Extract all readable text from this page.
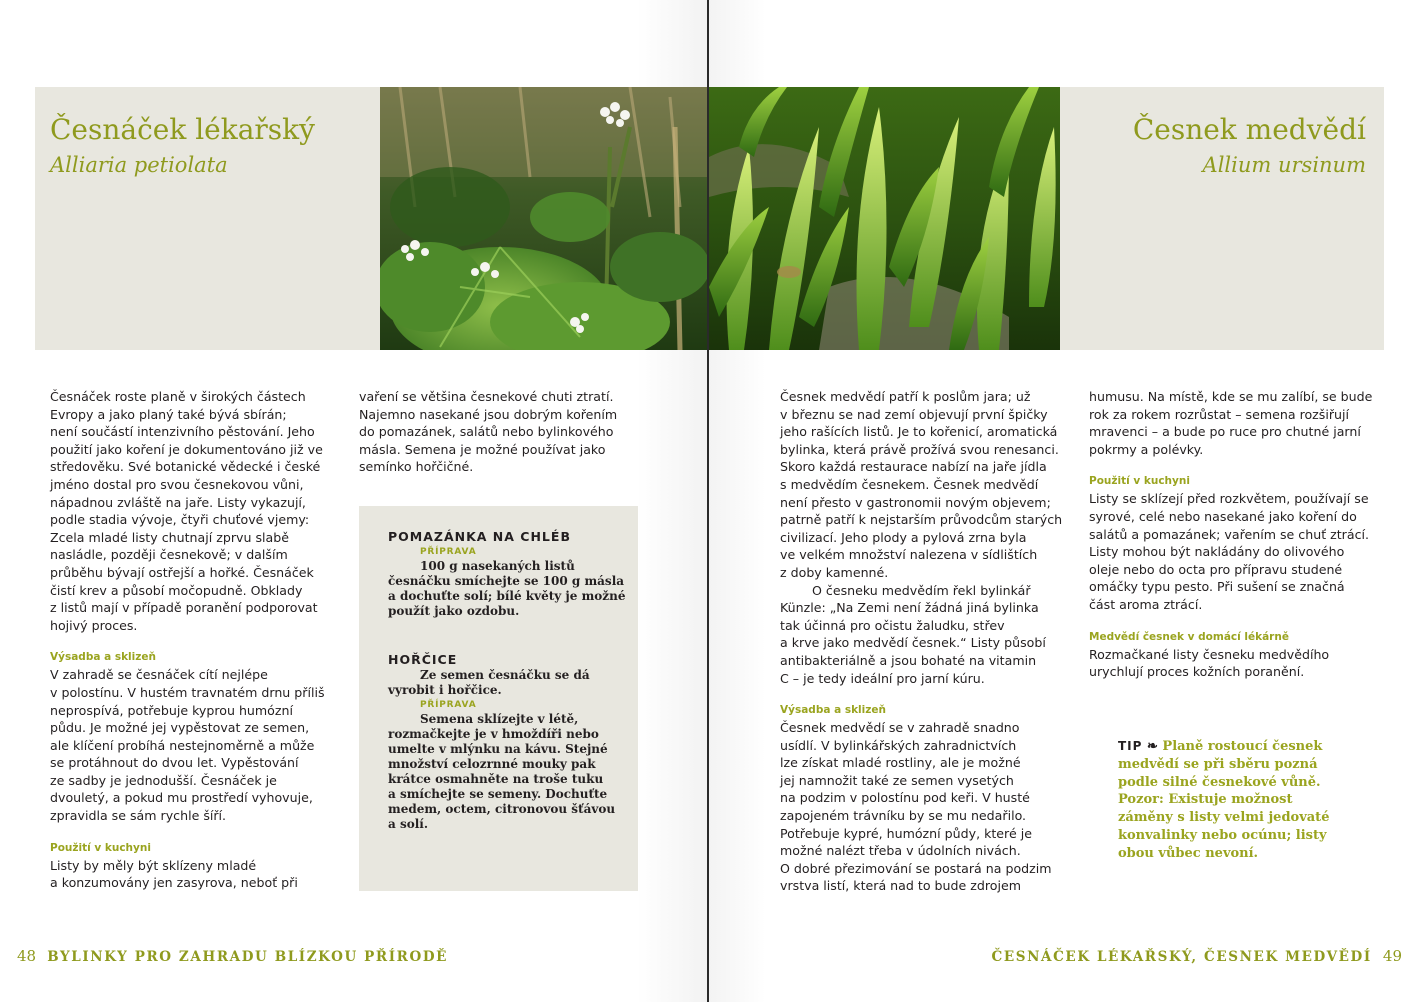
Česnáček lékařský
Alliaria petiolata

Česnáček roste planě v širokých částech

Evropy a jako planý také bývá sbírán;

není součástí intenzivního pěstování. Jeho

použití jako koření je dokumentováno již ve

středověku. Své botanické vědecké i české

jméno dostal pro svou česnekovou vůni,

nápadnou zvláště na jaře. Listy vykazují,

podle stadia vývoje, čtyři chuťové vjemy:

Zcela mladé listy chutnají zprvu slabě

nasládle, později česnekově; v dalším

průběhu bývají ostřejší a hořké. Česnáček

čistí krev a působí močopudně. Obklady

z listů mají v případě poranění podporovat

hojivý proces.

Výsadba a sklizeň

V zahradě se česnáček cítí nejlépe

v polostínu. V hustém travnatém drnu příliš

neprospívá, potřebuje kyprou humózní

půdu. Je možné jej vypěstovat ze semen,

ale klíčení probíhá nestejnoměrně a může

se protáhnout do dvou let. Vypěstování

ze sadby je jednodušší. Česnáček je

dvouletý, a pokud mu prostředí vyhovuje,

zpravidla se sám rychle šíří.

Použití v kuchyni

Listy by měly být sklízeny mladé

a konzumovány jen zasyrova, neboť při

vaření se většina česnekové chuti ztratí.

Najemno nasekané jsou dobrým kořením

do pomazánek, salátů nebo bylinkového

másla. Semena je možné používat jako

semínko hořčičné.

POMAZÁNKA NA CHLÉB

PŘÍPRAVA

100 g nasekaných listů

česnáčku smíchejte se 100 g másla

a dochuťte solí; bílé květy je možné

použít jako ozdobu.

HOŘČICE

Ze semen česnáčku se dá

vyrobit i hořčice.

PŘÍPRAVA

Semena sklízejte v létě,

rozmačkejte je v hmoždíři nebo

umelte v mlýnku na kávu. Stejné

množství celozrnné mouky pak

krátce osmahněte na troše tuku

a smíchejte se semeny. Dochuťte

medem, octem, citronovou šťávou

a solí.

48 BYLINKY PRO ZAHRADU BLÍZKOU PŘÍRODĚ
Česnek medvědí
Allium ursinum

Česnek medvědí patří k poslům jara; už

v březnu se nad zemí objevují první špičky

jeho rašících listů. Je to kořenicí, aromatická

bylinka, která právě prožívá svou renesanci.

Skoro každá restaurace nabízí na jaře jídla

s medvědím česnekem. Česnek medvědí

není přesto v gastronomii novým objevem;

patrně patří k nejstarším průvodcům starých

civilizací. Jeho plody a pylová zrna byla

ve velkém množství nalezena v sídlištích

z doby kamenné.

O česneku medvědím řekl bylinkář

Künzle: „Na Zemi není žádná jiná bylinka

tak účinná pro očistu žaludku, střev

a krve jako medvědí česnek.“ Listy působí

antibakteriálně a jsou bohaté na vitamin

C – je tedy ideální pro jarní kúru.

Výsadba a sklizeň

Česnek medvědí se v zahradě snadno

usídlí. V bylinkářských zahradnictvích

lze získat mladé rostliny, ale je možné

jej namnožit také ze semen vysetých

na podzim v polostínu pod keři. V husté

zapojeném trávníku by se mu nedařilo.

Potřebuje kypré, humózní půdy, které je

možné nalézt třeba v údolních nivách.

O dobré přezimování se postará na podzim

vrstva listí, která nad to bude zdrojem

humusu. Na místě, kde se mu zalíbí, se bude

rok za rokem rozrůstat – semena rozšiřují

mravenci – a bude po ruce pro chutné jarní

pokrmy a polévky.

Použití v kuchyni

Listy se sklízejí před rozkvětem, používají se

syrové, celé nebo nasekané jako koření do

salátů a pomazánek; vařením se chuť ztrácí.

Listy mohou být nakládány do olivového

oleje nebo do octa pro přípravu studené

omáčky typu pesto. Při sušení se značná

část aroma ztrácí.

Medvědí česnek v domácí lékárně

Rozmačkané listy česneku medvědího

urychlují proces kožních poranění.

TIP ❧ Planě rostoucí česnek

medvědí se při sběru pozná

podle silné česnekové vůně.

Pozor: Existuje možnost

záměny s listy velmi jedovaté

konvalinky nebo ocúnu; listy

obou vůbec nevoní.

ČESNÁČEK LÉKAŘSKÝ, ČESNEK MEDVĚDÍ 49
